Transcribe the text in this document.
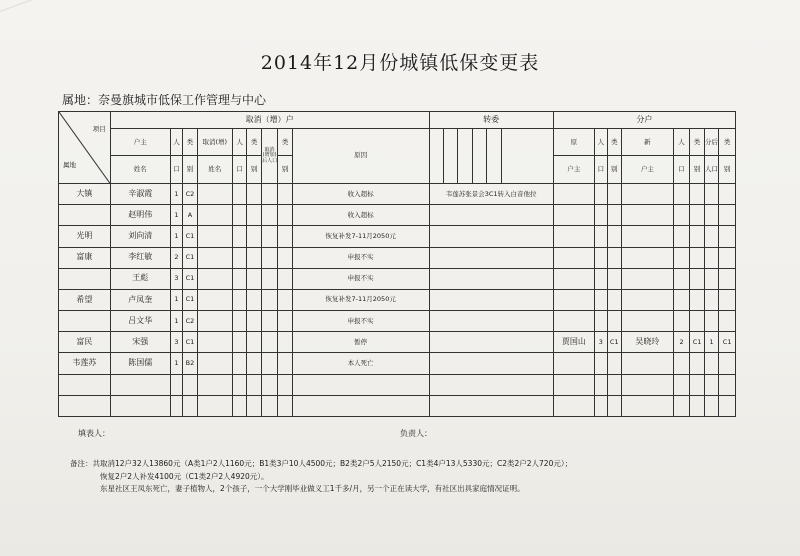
2014年12月份城镇低保变更表
属地：奈曼旗城市低保工作管理与中心
项目
属地	取消（增）户									转委						分户							
	户主	人	类	取消(增)	人	类	取消(增加)后人口	类	原因							原	人	类	新	人	类	分后	类
	姓名	口	别	姓名	口	别		别								户主	口	别	户主	口	别	人口	别
大镇	辛淑霞	1	C2						收入超标	韦莲苏张景会3C1转入白音他拉													
	赵明伟	1	A						收入超标														
光明	刘向清	1	C1						恢复补发7-11月2050元														
富康	李红敏	2	C1						申报不实														
	王彪	3	C1						申报不实														
希望	卢凤奎	1	C1						恢复补发7-11月2050元														
	吕文华	1	C2						申报不实														
富民	宋强	3	C1						暂停							贾国山	3	C1	吴晓玲	2	C1	1	C1
韦莲苏	陈国儒	1	B2						本人死亡														

填表人：	负责人：
备注：共取消12户32人13860元（A类1户2人1160元；B1类3户10人4500元；B2类2户5人2150元；C1类4户13人5330元；C2类2户2人720元）；
恢复2户2人补发4100元（C1类2户2人4920元）。
东星社区王凤东死亡，妻子植物人，2个孩子，一个大学刚毕业做义工1千多/月，另一个正在读大学，有社区出具家庭情况证明。
